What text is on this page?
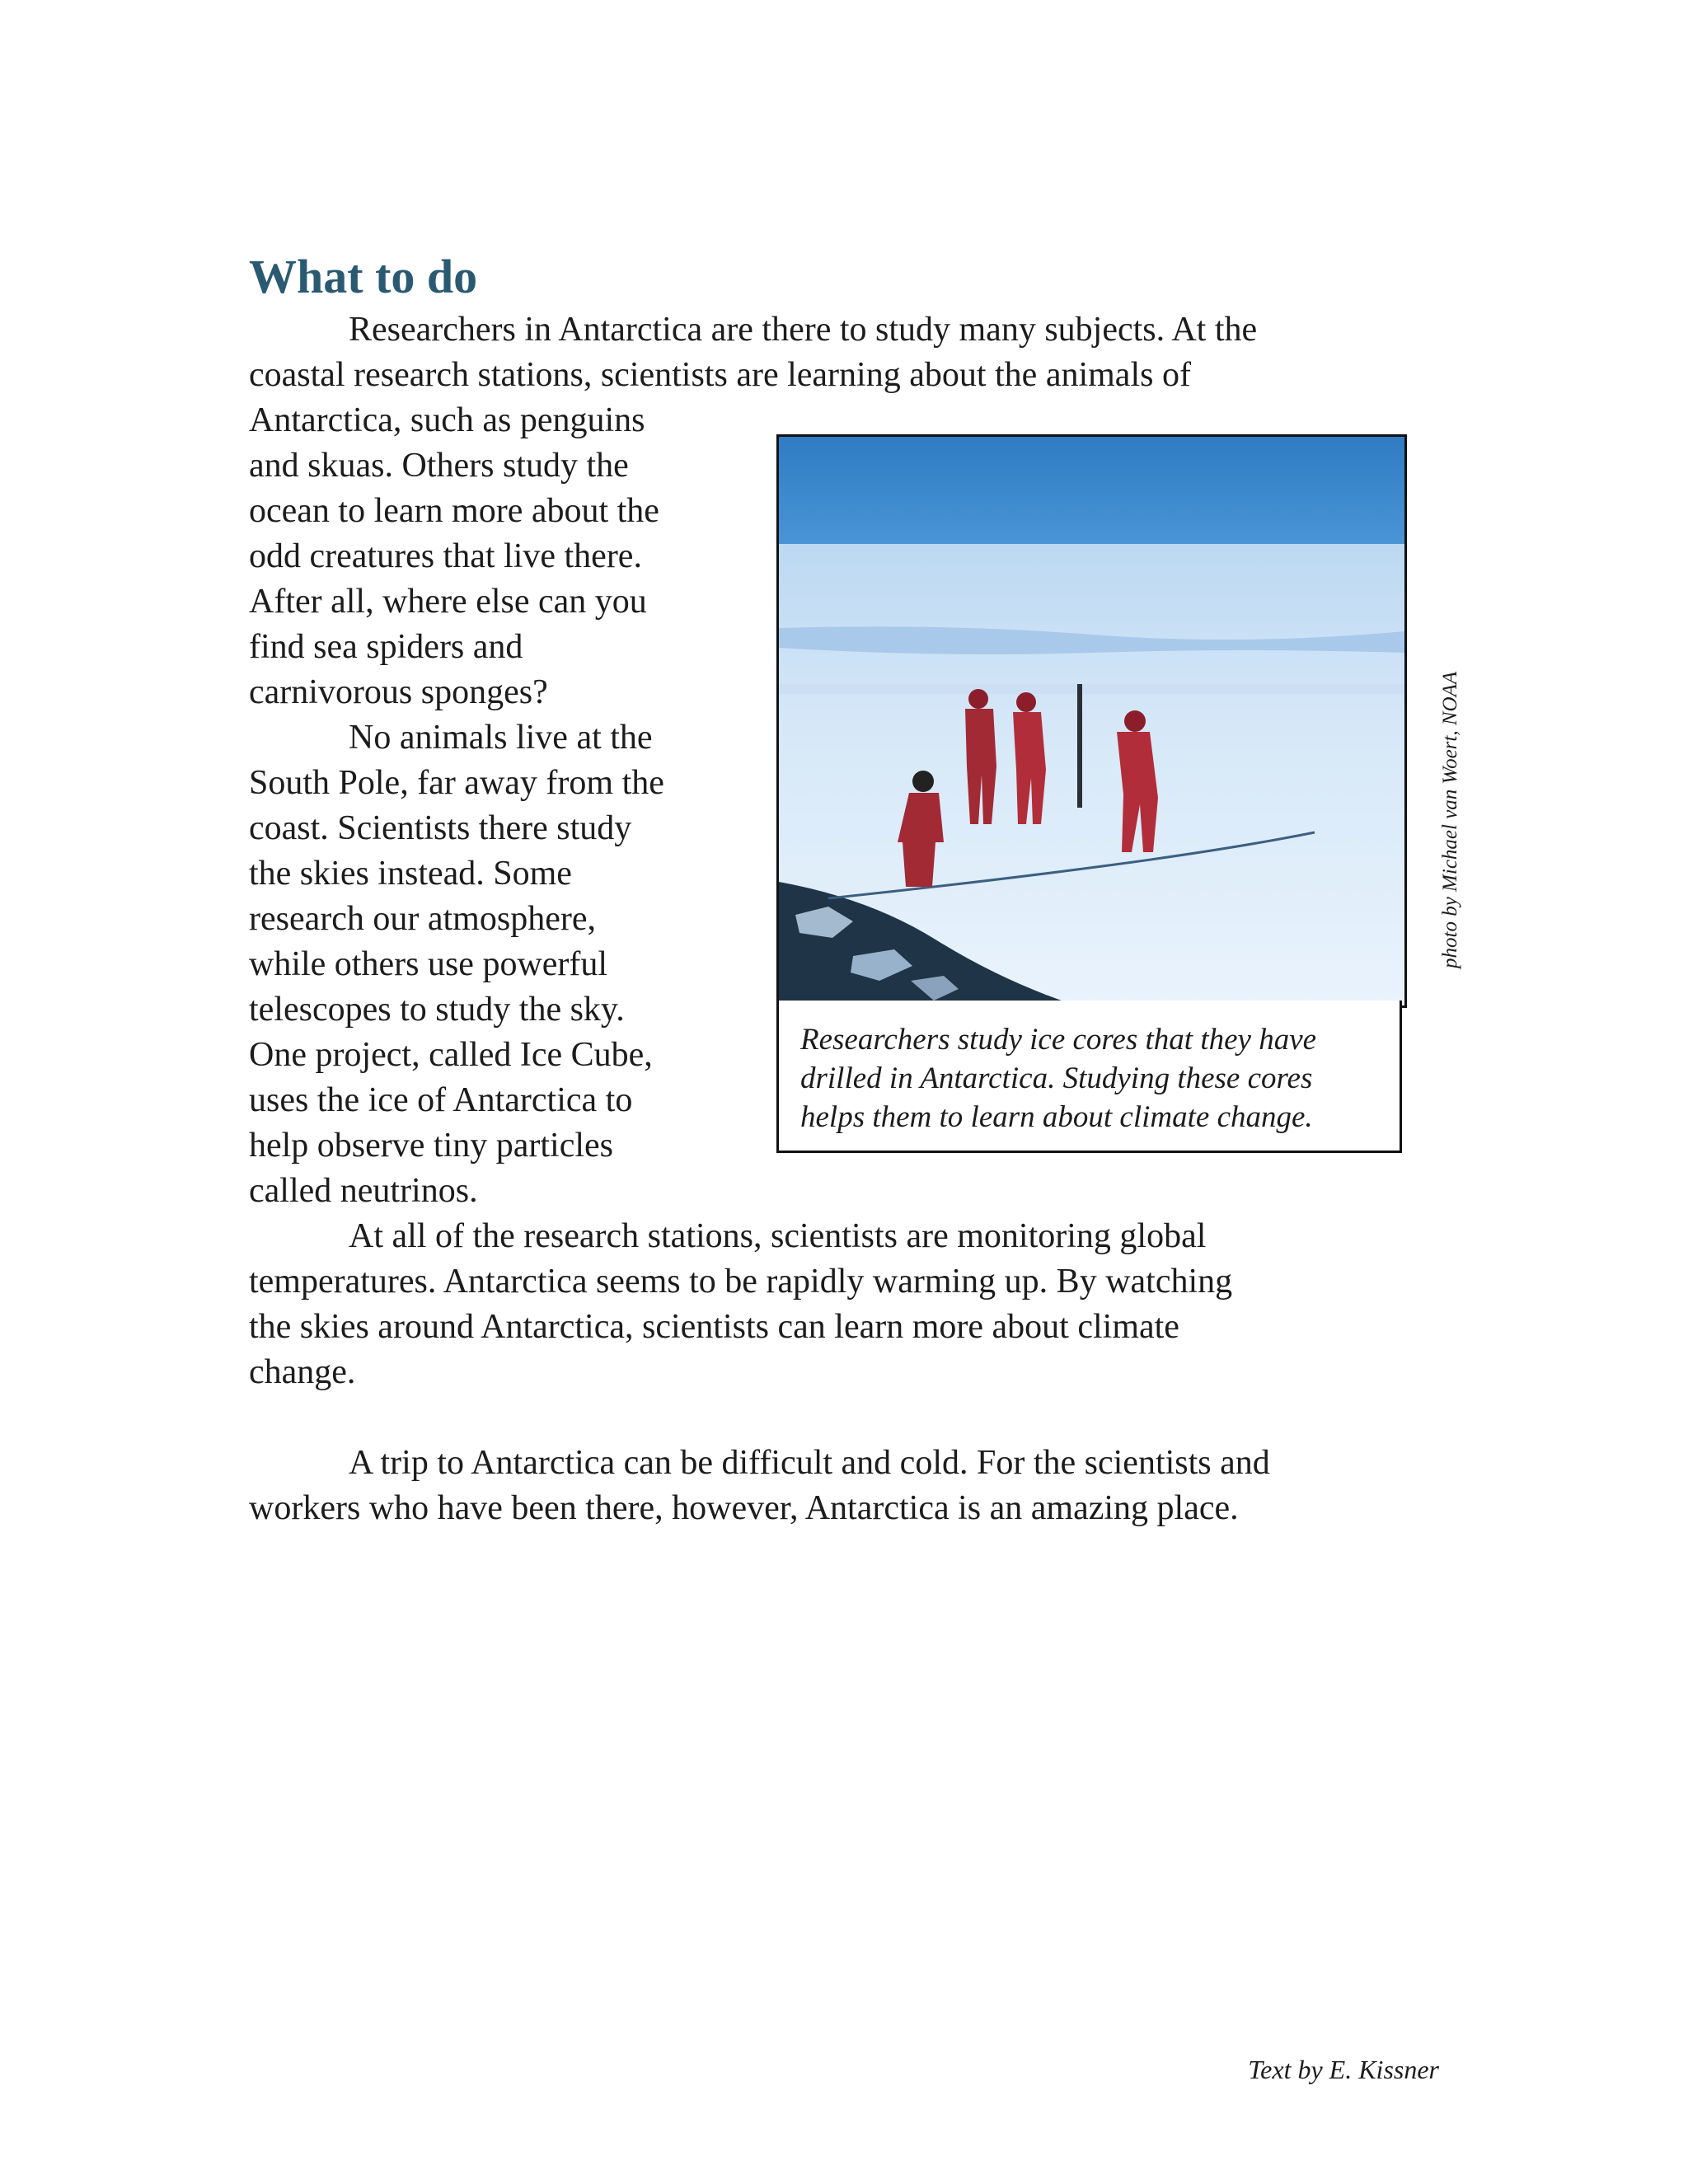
What to do
Researchers in Antarctica are there to study many subjects. At the
coastal research stations, scientists are learning about the animals of
Antarctica, such as penguins
and skuas. Others study the
ocean to learn more about the
odd creatures that live there.
After all, where else can you
find sea spiders and
carnivorous sponges?
No animals live at the
South Pole, far away from the
coast. Scientists there study
the skies instead. Some
research our atmosphere,
while others use powerful
telescopes to study the sky.
One project, called Ice Cube,
uses the ice of Antarctica to
help observe tiny particles
called neutrinos.
At all of the research stations, scientists are monitoring global
temperatures. Antarctica seems to be rapidly warming up. By watching
the skies around Antarctica, scientists can learn more about climate
change.
A trip to Antarctica can be difficult and cold. For the scientists and
workers who have been there, however, Antarctica is an amazing place.

Researchers study ice cores that they have drilled in Antarctica. Studying these cores helps them to learn about climate change.

photo by Michael van Woert, NOAA
Text by E. Kissner
